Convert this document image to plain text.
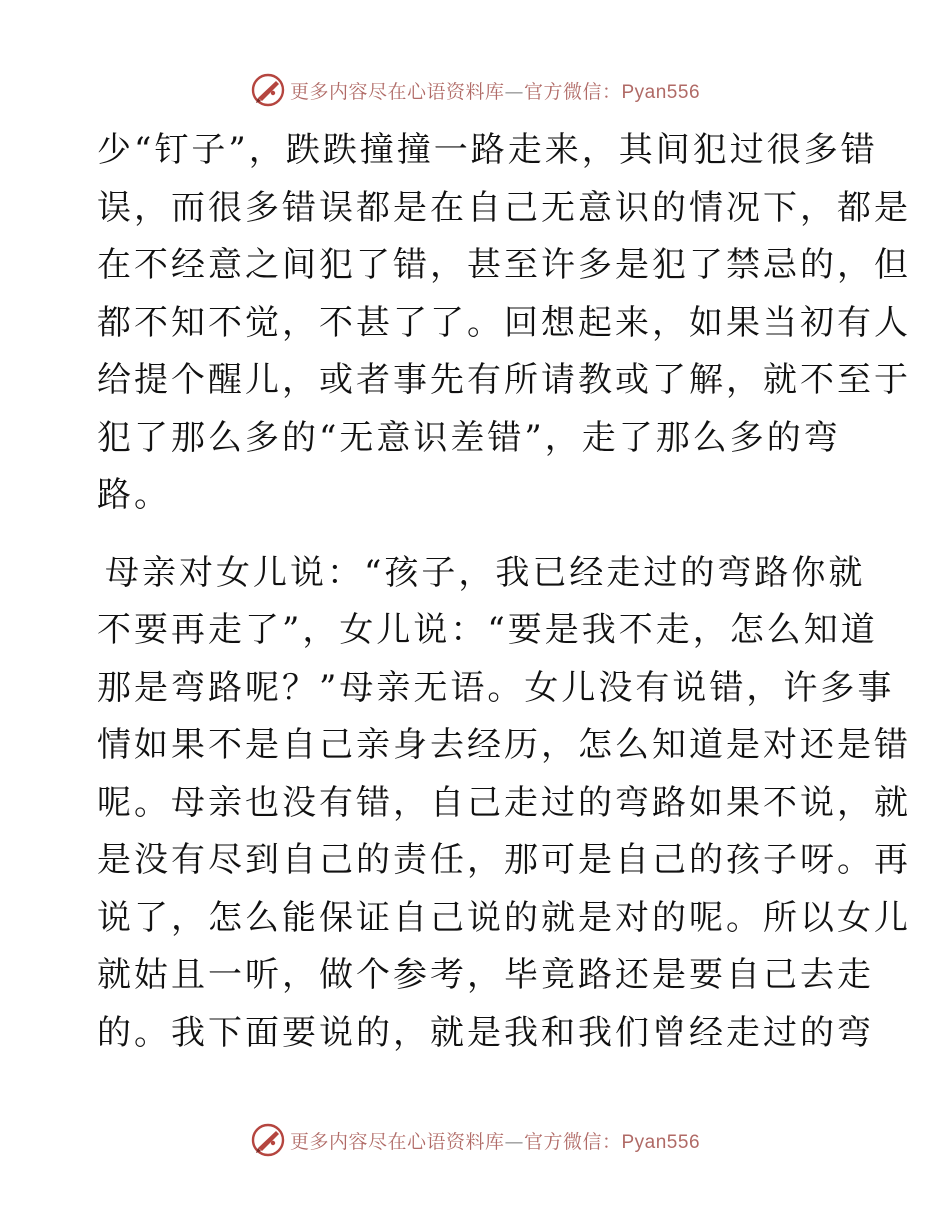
更多内容尽在心语资料库—官方微信：Pyan556

少“钉子”，跌跌撞撞一路走来，其间犯过很多错
误，而很多错误都是在自己无意识的情况下，都是
在不经意之间犯了错，甚至许多是犯了禁忌的，但
都不知不觉，不甚了了。回想起来，如果当初有人
给提个醒儿，或者事先有所请教或了解，就不至于
犯了那么多的“无意识差错”，走了那么多的弯
路。

母亲对女儿说：“孩子，我已经走过的弯路你就
不要再走了”，女儿说：“要是我不走，怎么知道
那是弯路呢？”母亲无语。女儿没有说错，许多事
情如果不是自己亲身去经历，怎么知道是对还是错
呢。母亲也没有错，自己走过的弯路如果不说，就
是没有尽到自己的责任，那可是自己的孩子呀。再
说了，怎么能保证自己说的就是对的呢。所以女儿
就姑且一听，做个参考，毕竟路还是要自己去走
的。我下面要说的，就是我和我们曾经走过的弯

更多内容尽在心语资料库—官方微信：Pyan556
